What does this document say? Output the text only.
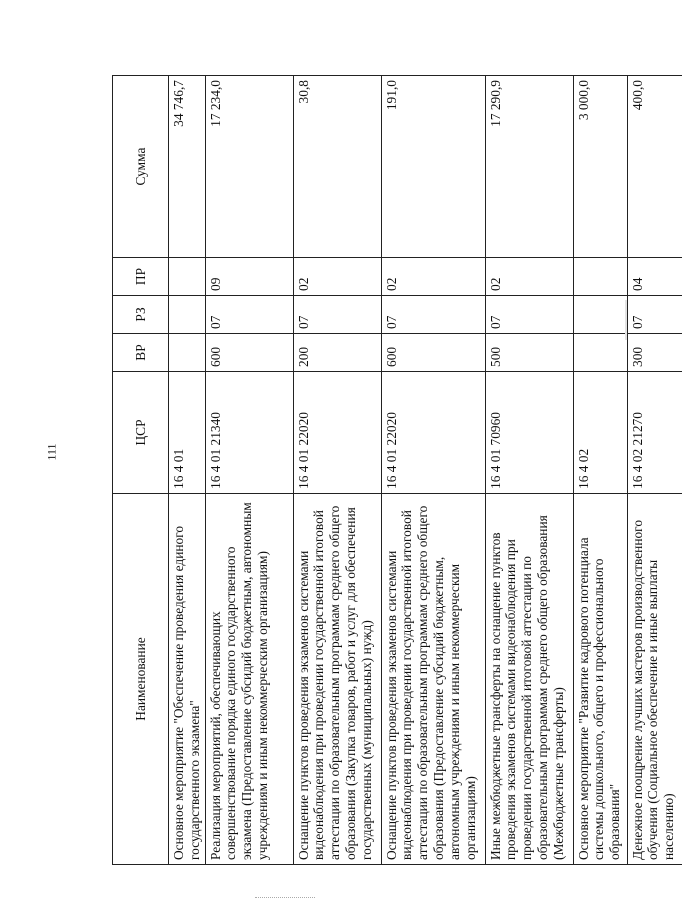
111
Наименование	ЦСР	ВР	РЗ	ПР	Сумма
Основное мероприятие "Обеспечение проведения единого государственного экзамена"	16 4 01				34 746,7
Реализация мероприятий, обеспечивающих совершенствование порядка единого государственного экзамена (Предоставление субсидий бюджетным, автономным учреждениям и иным некоммерческим организациям)	16 4 01 21340	600	07	09	17 234,0
Оснащение пунктов проведения экзаменов системами видеонаблюдения при проведении государственной итоговой аттестации по образовательным программам среднего общего образования (Закупка товаров, работ и услуг для обеспечения государственных (муниципальных) нужд)	16 4 01 22020	200	07	02	30,8
Оснащение пунктов проведения экзаменов системами видеонаблюдения при проведении государственной итоговой аттестации по образовательным программам среднего общего образования (Предоставление субсидий бюджетным, автономным учреждениям и иным некоммерческим организациям)	16 4 01 22020	600	07	02	191,0
Иные межбюджетные трансферты на оснащение пунктов проведения экзаменов системами видеонаблюдения при проведении государственной итоговой аттестации по образовательным программам среднего общего образования (Межбюджетные трансферты)	16 4 01 70960	500	07	02	17 290,9
Основное мероприятие "Развитие кадрового потенциала системы дошкольного, общего и профессионального образования"	16 4 02				3 000,0
Денежное поощрение лучших мастеров производственного обучения (Социальное обеспечение и иные выплаты населению)	16 4 02 21270	300	07	04	400,0
